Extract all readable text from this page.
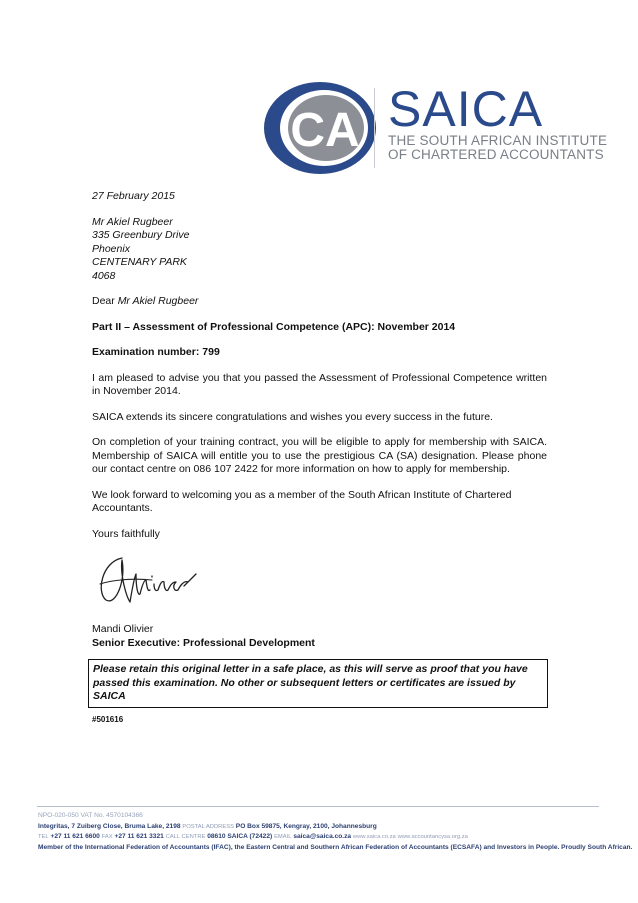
CA SAICA
THE SOUTH AFRICAN INSTITUTE
OF CHARTERED ACCOUNTANTS

27 February 2015

Mr Akiel Rugbeer

335 Greenbury Drive

Phoenix

CENTENARY PARK

4068

Dear Mr Akiel Rugbeer

Part II – Assessment of Professional Competence (APC): November 2014

Examination number: 799

I am pleased to advise you that you passed the Assessment of Professional Competence written in November 2014.

SAICA extends its sincere congratulations and wishes you every success in the future.

On completion of your training contract, you will be eligible to apply for membership with SAICA. Membership of SAICA will entitle you to use the prestigious CA (SA) designation. Please phone our contact centre on 086 107 2422 for more information on how to apply for membership.

We look forward to welcoming you as a member of the South African Institute of Chartered Accountants.

Yours faithfully

Mandi Olivier

Senior Executive: Professional Development

Please retain this original letter in a safe place, as this will serve as proof that you have passed this examination. No other or subsequent letters or certificates are issued by SAICA
#501616
NPO-020-050 VAT No. 4570104366
Integritas, 7 Zuiberg Close, Bruma Lake, 2198 POSTAL ADDRESS PO Box 59875, Kengray, 2100, Johannesburg
TEL +27 11 621 6600 FAX +27 11 621 3321 CALL CENTRE 08610 SAICA (72422) EMAIL saica@saica.co.za www.saica.co.za www.accountancysa.org.za
Member of the International Federation of Accountants (IFAC), the Eastern Central and Southern African Federation of Accountants (ECSAFA) and Investors in People. Proudly South African.
